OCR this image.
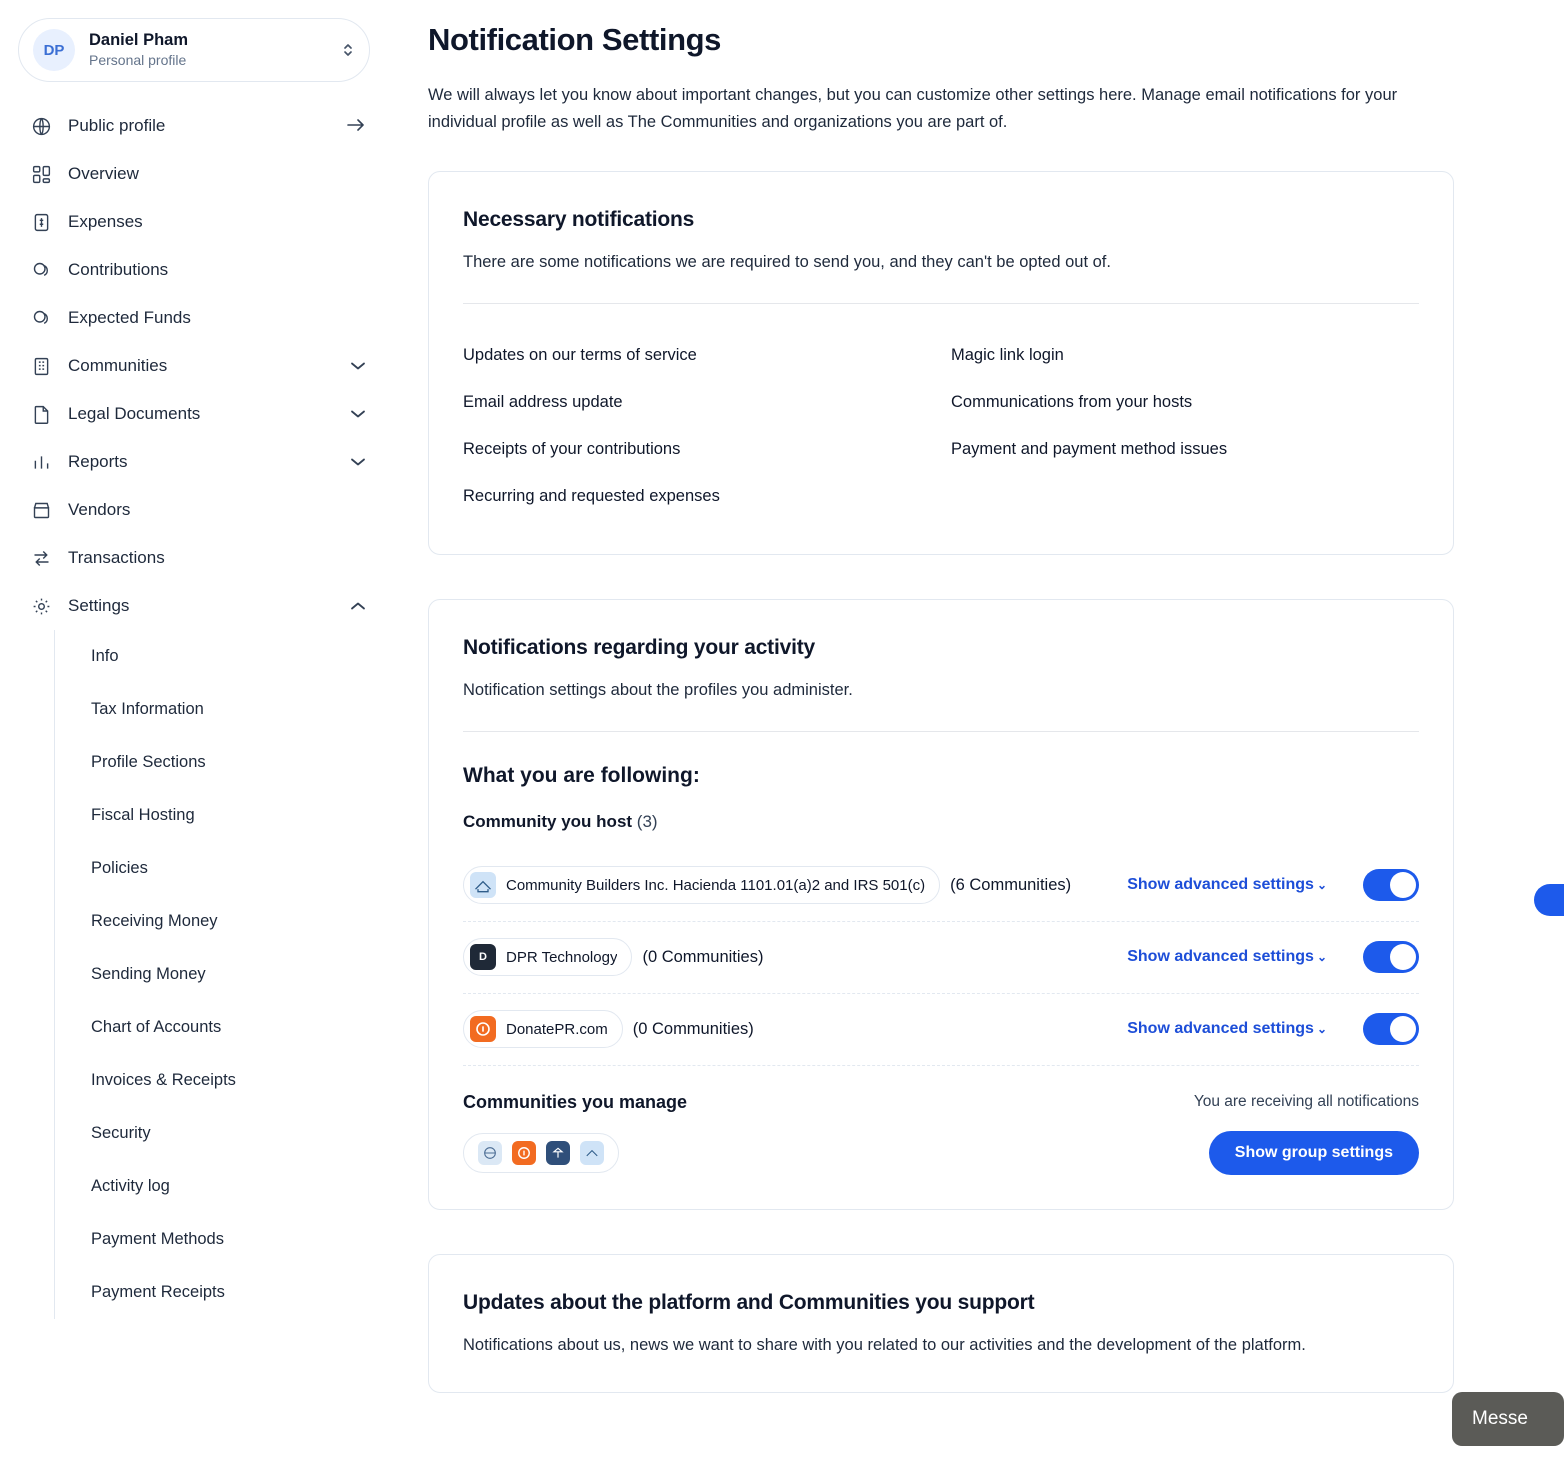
DP
Daniel Pham
Personal profile
Public profile
Overview
Expenses
Contributions
Expected Funds
Communities
Legal Documents
Reports
Vendors
Transactions
Settings
Info
Tax Information
Profile Sections
Fiscal Hosting
Policies
Receiving Money
Sending Money
Chart of Accounts
Invoices & Receipts
Security
Activity log
Payment Methods
Payment Receipts
Notification Settings

We will always let you know about important changes, but you can customize other settings here. Manage email notifications for your individual profile as well as The Communities and organizations you are part of.

Necessary notifications

There are some notifications we are required to send you, and they can't be opted out of.

Updates on our terms of service	Magic link login
Email address update	Communications from your hosts
Receipts of your contributions	Payment and payment method issues
Recurring and requested expenses
Notifications regarding your activity

Notification settings about the profiles you administer.

What you are following:
Community you host (3)
Community Builders Inc. Hacienda 1101.01(a)2 and IRS 501(c) (6 Communities)	Show advanced settings ⌄
D	DPR Technology (0 Communities)	Show advanced settings ⌄
DonatePR.com (0 Communities)	Show advanced settings ⌄
Communities you manage	You are receiving all notifications
Show group settings
Updates about the platform and Communities you support

Notifications about us, news we want to share with you related to our activities and the development of the platform.

Messe
